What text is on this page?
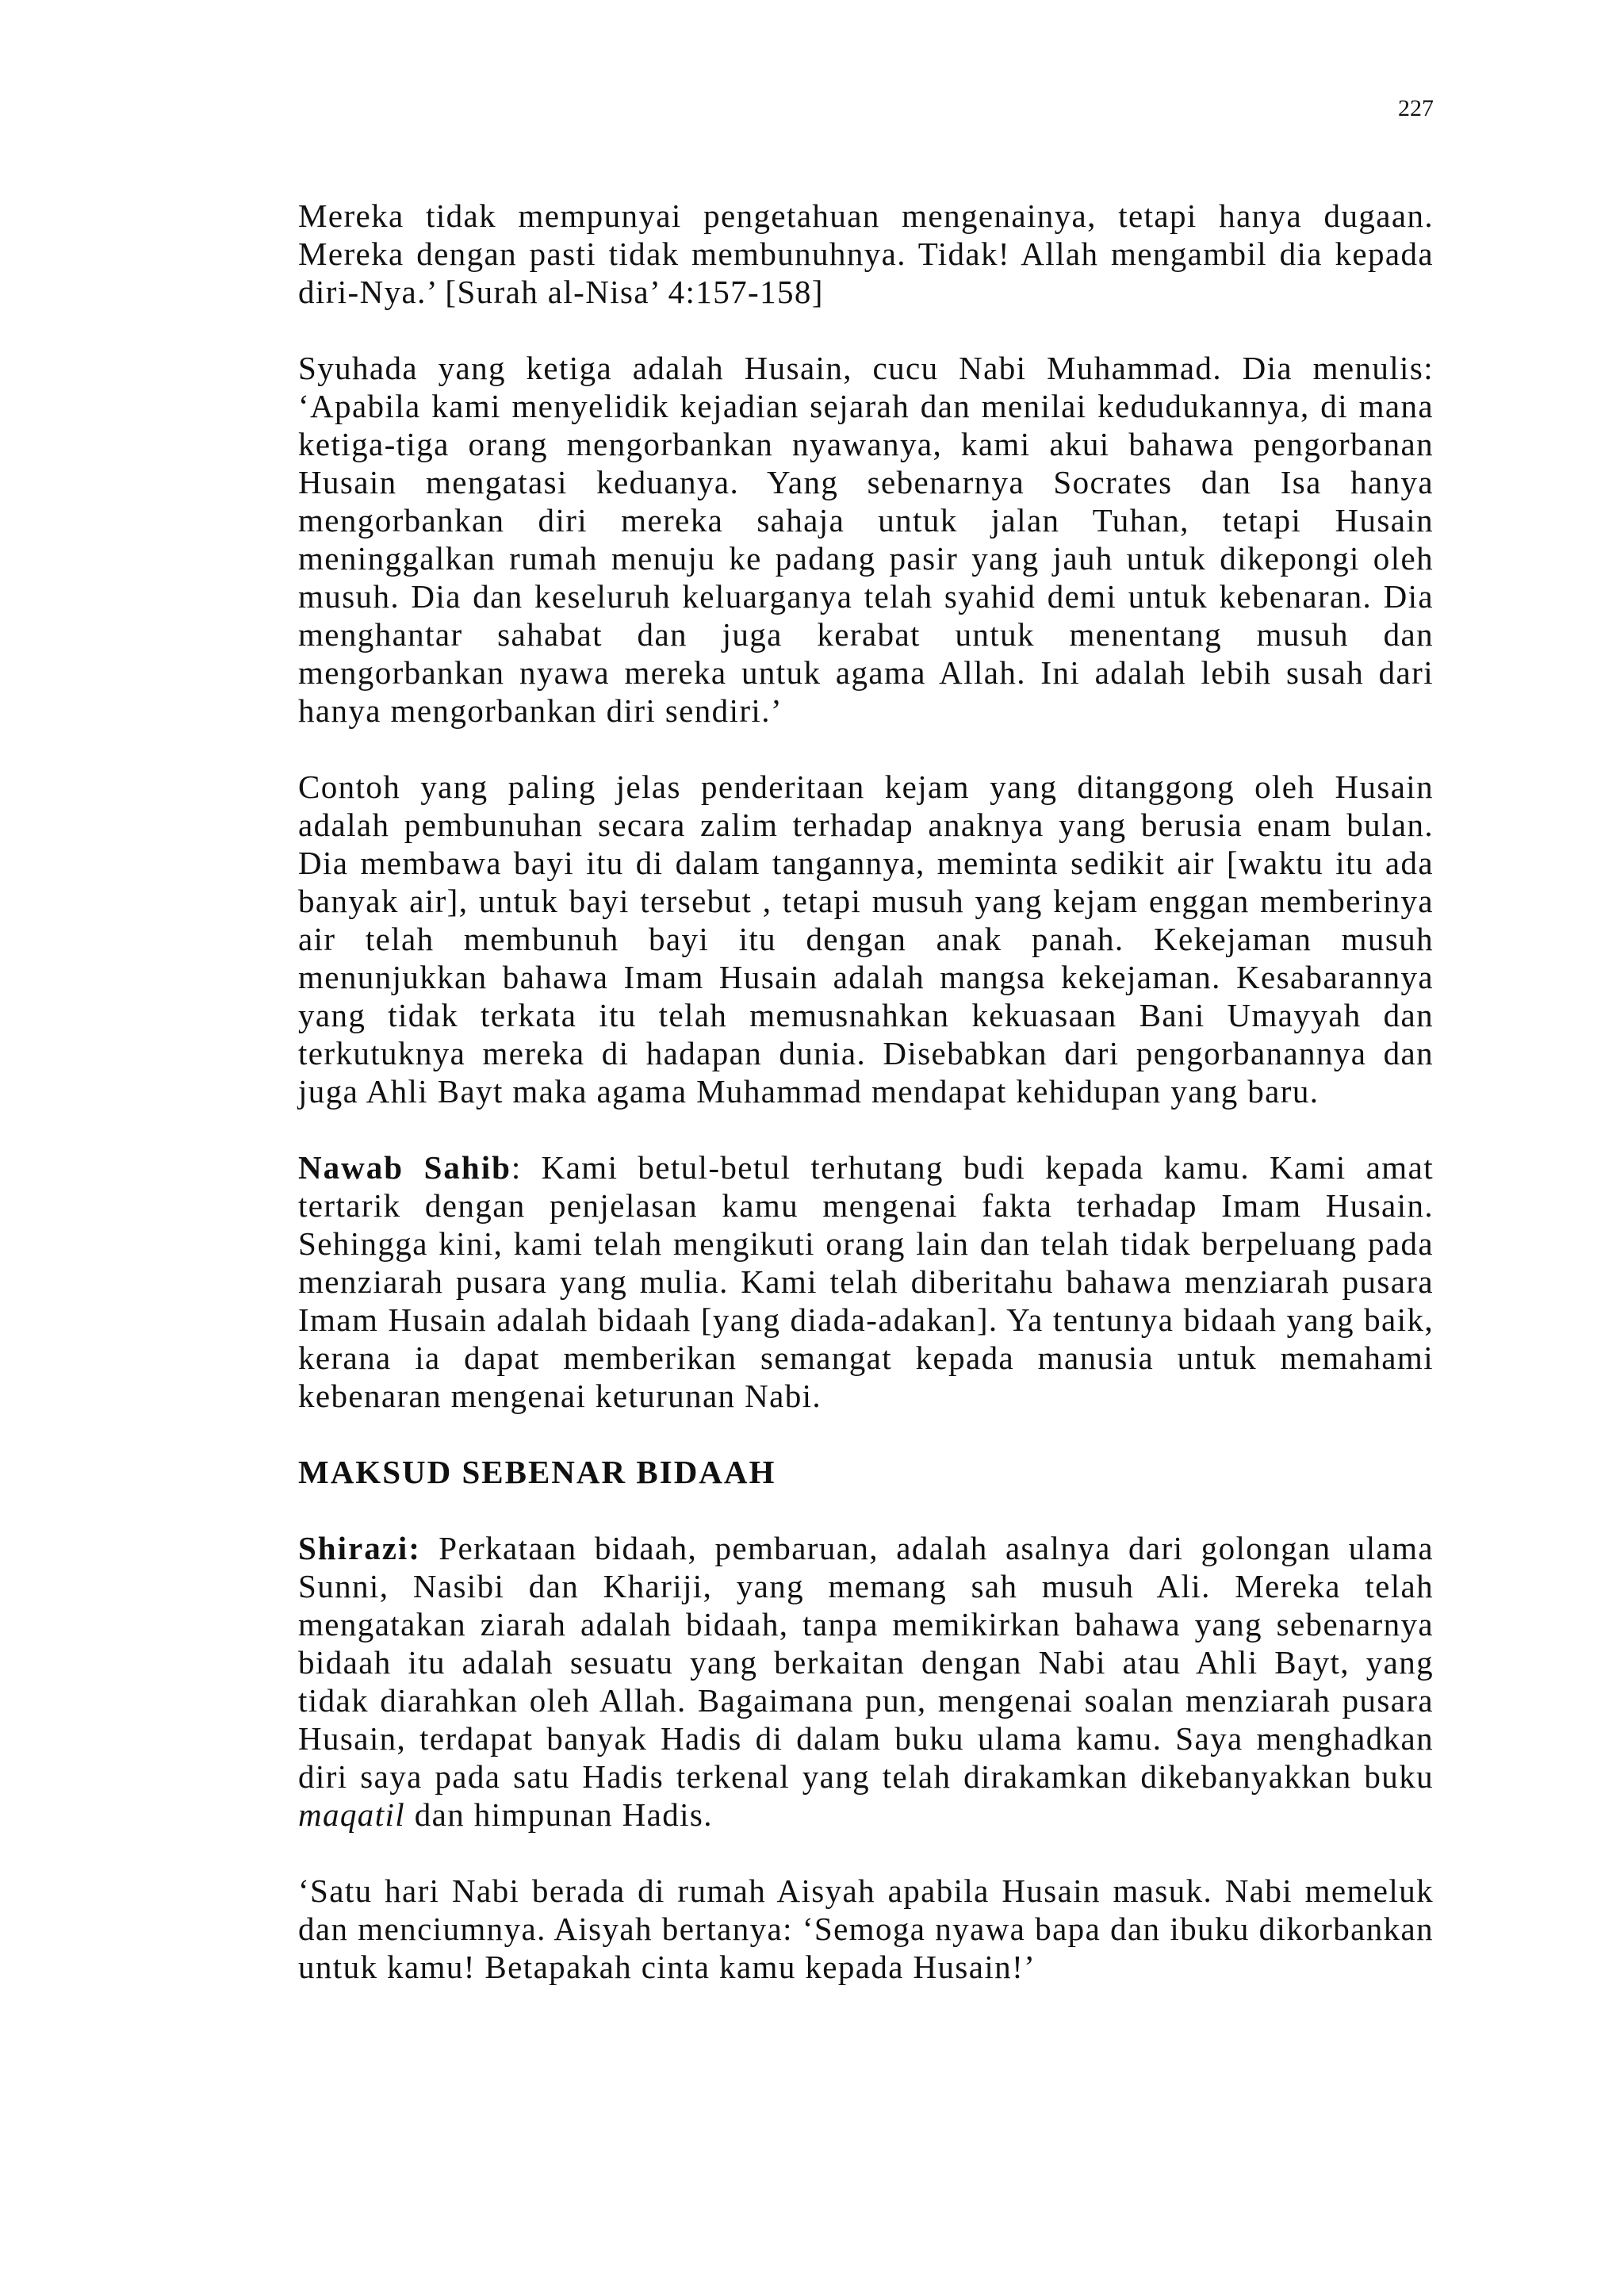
227

Mereka tidak mempunyai pengetahuan mengenainya, tetapi hanya dugaan. Mereka dengan pasti tidak membunuhnya. Tidak! Allah mengambil dia kepada diri-Nya.’ [Surah al-Nisa’ 4:157-158]

Syuhada yang ketiga adalah Husain, cucu Nabi Muhammad. Dia menulis: ‘Apabila kami menyelidik kejadian sejarah dan menilai kedudukannya, di mana ketiga-tiga orang mengorbankan nyawanya, kami akui bahawa pengorbanan Husain mengatasi keduanya. Yang sebenarnya Socrates dan Isa hanya mengorbankan diri mereka sahaja untuk jalan Tuhan, tetapi Husain meninggalkan rumah menuju ke padang pasir yang jauh untuk dikepongi oleh musuh. Dia dan keseluruh keluarganya telah syahid demi untuk kebenaran. Dia menghantar sahabat dan juga kerabat untuk menentang musuh dan mengorbankan nyawa mereka untuk agama Allah. Ini adalah lebih susah dari hanya mengorbankan diri sendiri.’

Contoh yang paling jelas penderitaan kejam yang ditanggong oleh Husain adalah pembunuhan secara zalim terhadap anaknya yang berusia enam bulan. Dia membawa bayi itu di dalam tangannya, meminta sedikit air [waktu itu ada banyak air], untuk bayi tersebut , tetapi musuh yang kejam enggan memberinya air telah membunuh bayi itu dengan anak panah. Kekejaman musuh menunjukkan bahawa Imam Husain adalah mangsa kekejaman. Kesabarannya yang tidak terkata itu telah memusnahkan kekuasaan Bani Umayyah dan terkutuknya mereka di hadapan dunia. Disebabkan dari pengorbanannya dan juga Ahli Bayt maka agama Muhammad mendapat kehidupan yang baru.

Nawab Sahib: Kami betul-betul terhutang budi kepada kamu. Kami amat tertarik dengan penjelasan kamu mengenai fakta terhadap Imam Husain. Sehingga kini, kami telah mengikuti orang lain dan telah tidak berpeluang pada menziarah pusara yang mulia. Kami telah diberitahu bahawa menziarah pusara Imam Husain adalah bidaah [yang diada-adakan]. Ya tentunya bidaah yang baik, kerana ia dapat memberikan semangat kepada manusia untuk memahami kebenaran mengenai keturunan Nabi.

MAKSUD SEBENAR BIDAAH

Shirazi: Perkataan bidaah, pembaruan, adalah asalnya dari golongan ulama Sunni, Nasibi dan Khariji, yang memang sah musuh Ali. Mereka telah mengatakan ziarah adalah bidaah, tanpa memikirkan bahawa yang sebenarnya bidaah itu adalah sesuatu yang berkaitan dengan Nabi atau Ahli Bayt, yang tidak diarahkan oleh Allah. Bagaimana pun, mengenai soalan menziarah pusara Husain, terdapat banyak Hadis di dalam buku ulama kamu. Saya menghadkan diri saya pada satu Hadis terkenal yang telah dirakamkan dikebanyakkan buku maqatil dan himpunan Hadis.

‘Satu hari Nabi berada di rumah Aisyah apabila Husain masuk. Nabi memeluk dan menciumnya. Aisyah bertanya: ‘Semoga nyawa bapa dan ibuku dikorbankan untuk kamu! Betapakah cinta kamu kepada Husain!’
